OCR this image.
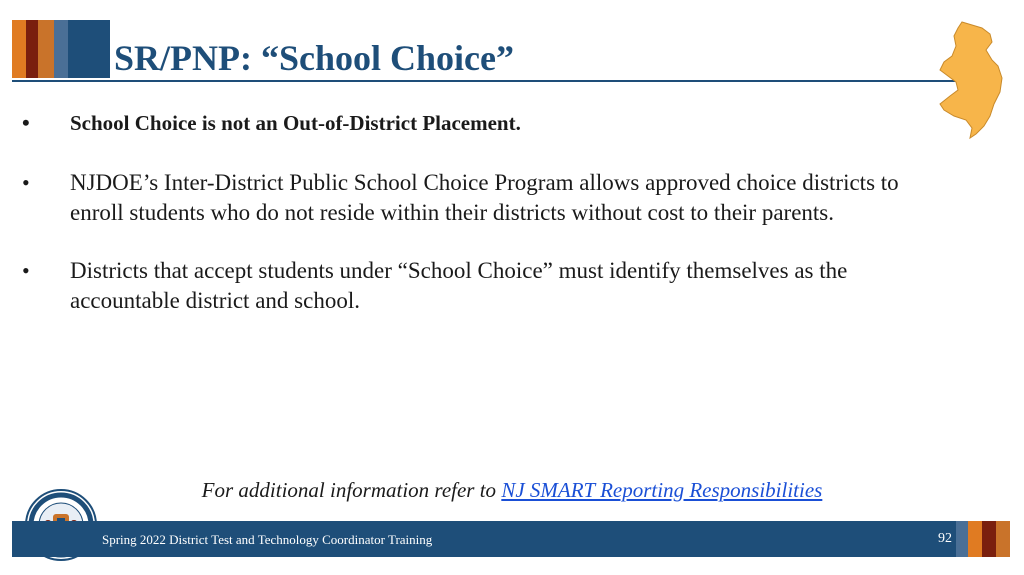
SR/PNP: “School Choice”
• School Choice is not an Out-of-District Placement.
• NJDOE’s Inter-District Public School Choice Program allows approved choice districts to enroll students who do not reside within their districts without cost to their parents.
• Districts that accept students under “School Choice” must identify themselves as the accountable district and school.
For additional information refer to NJ SMART Reporting Responsibilities
Spring 2022 District Test and Technology Coordinator Training	92
